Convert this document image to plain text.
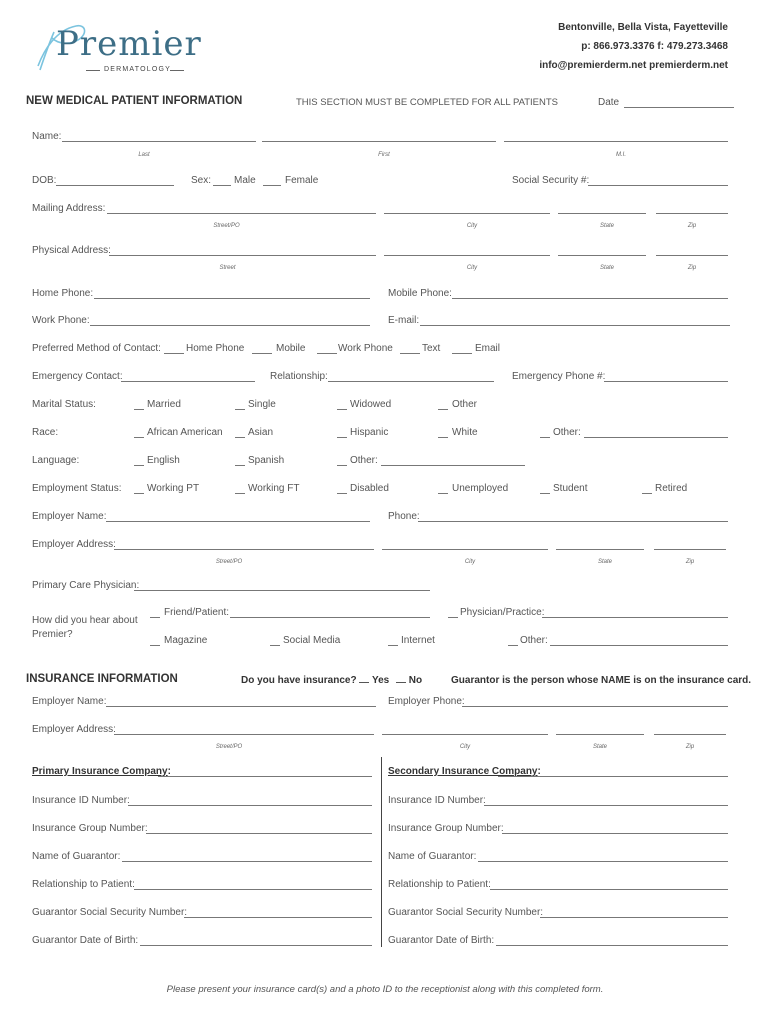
Premier
DERMATOLOGY
Bentonville, Bella Vista, Fayetteville
p: 866.973.3376 f: 479.273.3468
info@premierderm.net premierderm.net
NEW MEDICAL PATIENT INFORMATION	THIS SECTION MUST BE COMPLETED FOR ALL PATIENTS	Date
Name:
Last	First	M.I.
DOB:	Sex: Male	Female	Social Security #:
Mailing Address:
Street/PO	City	State	Zip
Physical Address:
Street	City	State	Zip
Home Phone:	Mobile Phone:
Work Phone:	E-mail:
Preferred Method of Contact:	Home Phone	Mobile	Work Phone	Text	Email
Emergency Contact:	Relationship:	Emergency Phone #:
Marital Status:	Married	Single	Widowed	Other
Race:	African American	Asian	Hispanic	White	Other:
Language:	English	Spanish	Other:
Employment Status:	Working PT	Working FT	Disabled	Unemployed	Student	Retired
Employer Name:	Phone:
Employer Address:
Street/PO	City	State	Zip
Primary Care Physician:
How did you hear about
Premier?
Friend/Patient:	Physician/Practice:
Magazine	Social Media	Internet	Other:
INSURANCE INFORMATION	Do you have insurance? Yes No	Guarantor is the person whose NAME is on the insurance card.
Employer Name:	Employer Phone:
Employer Address:
Street/PO	City	State	Zip
Primary Insurance Company:	Secondary Insurance Company:
Insurance ID Number:	Insurance ID Number:
Insurance Group Number:	Insurance Group Number:
Name of Guarantor:	Name of Guarantor:
Relationship to Patient:	Relationship to Patient:
Guarantor Social Security Number:	Guarantor Social Security Number:
Guarantor Date of Birth:	Guarantor Date of Birth:
Please present your insurance card(s) and a photo ID to the receptionist along with this completed form.
